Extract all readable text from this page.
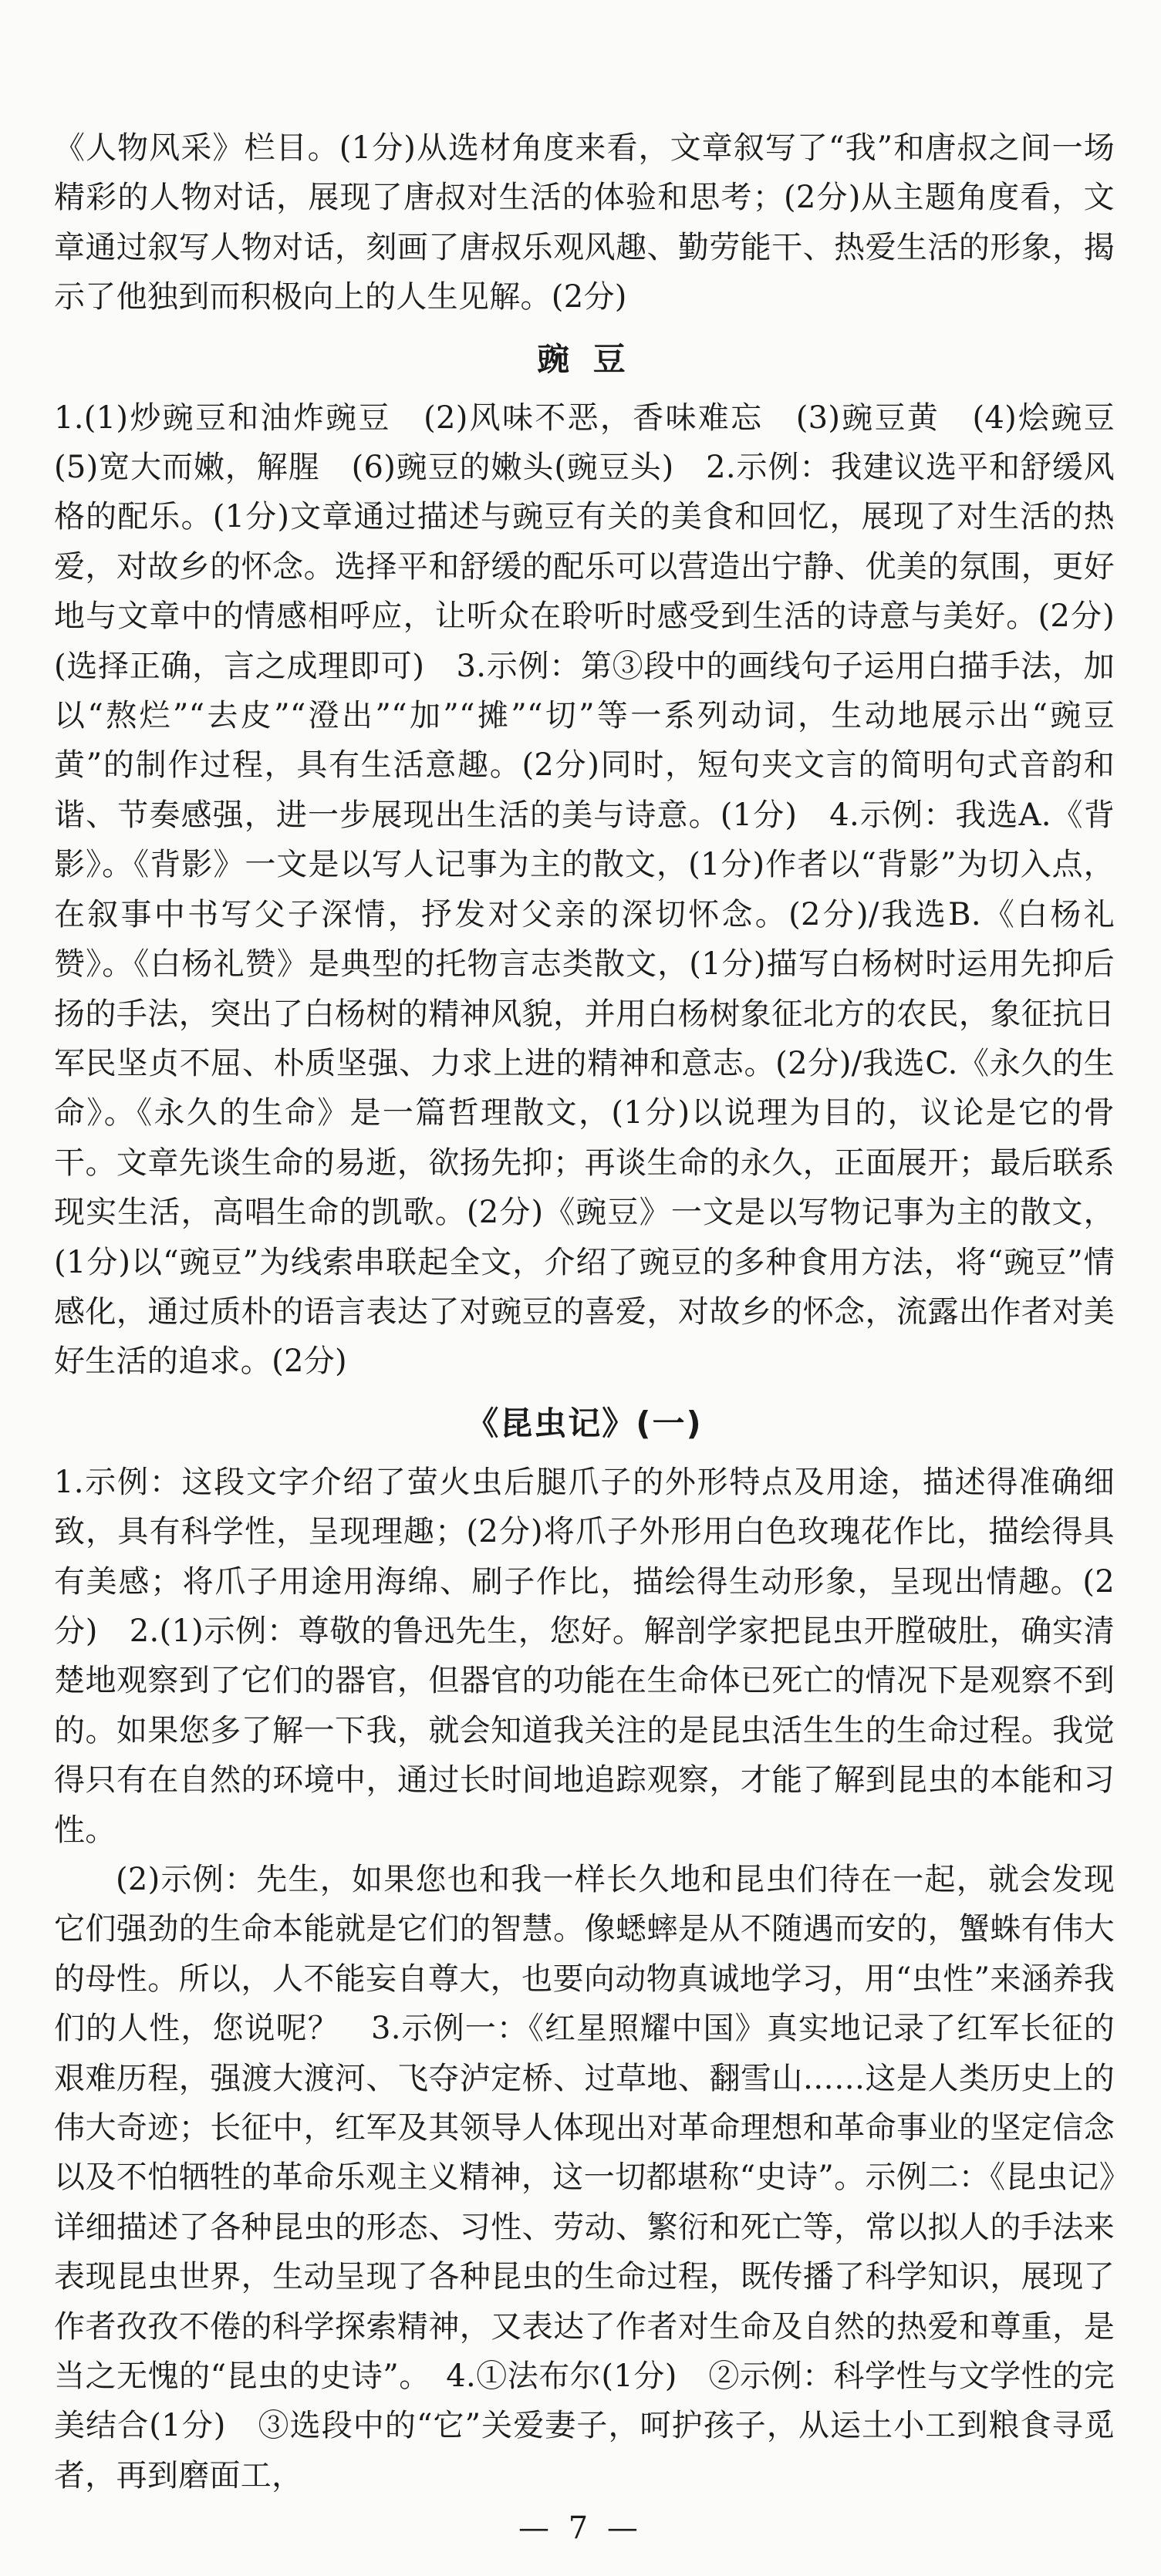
《人物风采》栏目。(1分)从选材角度来看，文章叙写了“我”和唐叔之间一场精彩的人物对话，展现了唐叔对生活的体验和思考；(2分)从主题角度看，文章通过叙写人物对话，刻画了唐叔乐观风趣、勤劳能干、热爱生活的形象，揭示了他独到而积极向上的人生见解。(2分)

豌 豆

1.(1)炒豌豆和油炸豌豆　(2)风味不恶，香味难忘　(3)豌豆黄　(4)烩豌豆　(5)宽大而嫩，解腥　(6)豌豆的嫩头(豌豆头)　2.示例：我建议选平和舒缓风格的配乐。(1分)文章通过描述与豌豆有关的美食和回忆，展现了对生活的热爱，对故乡的怀念。选择平和舒缓的配乐可以营造出宁静、优美的氛围，更好地与文章中的情感相呼应，让听众在聆听时感受到生活的诗意与美好。(2分)(选择正确，言之成理即可)　3.示例：第③段中的画线句子运用白描手法，加以“熬烂”“去皮”“澄出”“加”“摊”“切”等一系列动词，生动地展示出“豌豆黄”的制作过程，具有生活意趣。(2分)同时，短句夹文言的简明句式音韵和谐、节奏感强，进一步展现出生活的美与诗意。(1分)　4.示例：我选A.《背影》。《背影》一文是以写人记事为主的散文，(1分)作者以“背影”为切入点，在叙事中书写父子深情，抒发对父亲的深切怀念。(2分)/我选B.《白杨礼赞》。《白杨礼赞》是典型的托物言志类散文，(1分)描写白杨树时运用先抑后扬的手法，突出了白杨树的精神风貌，并用白杨树象征北方的农民，象征抗日军民坚贞不屈、朴质坚强、力求上进的精神和意志。(2分)/我选C.《永久的生命》。《永久的生命》是一篇哲理散文，(1分)以说理为目的，议论是它的骨干。文章先谈生命的易逝，欲扬先抑；再谈生命的永久，正面展开；最后联系现实生活，高唱生命的凯歌。(2分)《豌豆》一文是以写物记事为主的散文，(1分)以“豌豆”为线索串联起全文，介绍了豌豆的多种食用方法，将“豌豆”情感化，通过质朴的语言表达了对豌豆的喜爱，对故乡的怀念，流露出作者对美好生活的追求。(2分)

《昆虫记》(一)

1.示例：这段文字介绍了萤火虫后腿爪子的外形特点及用途，描述得准确细致，具有科学性，呈现理趣；(2分)将爪子外形用白色玫瑰花作比，描绘得具有美感；将爪子用途用海绵、刷子作比，描绘得生动形象，呈现出情趣。(2分)　2.(1)示例：尊敬的鲁迅先生，您好。解剖学家把昆虫开膛破肚，确实清楚地观察到了它们的器官，但器官的功能在生命体已死亡的情况下是观察不到的。如果您多了解一下我，就会知道我关注的是昆虫活生生的生命过程。我觉得只有在自然的环境中，通过长时间地追踪观察，才能了解到昆虫的本能和习性。

(2)示例：先生，如果您也和我一样长久地和昆虫们待在一起，就会发现它们强劲的生命本能就是它们的智慧。像蟋蟀是从不随遇而安的，蟹蛛有伟大的母性。所以，人不能妄自尊大，也要向动物真诚地学习，用“虫性”来涵养我们的人性，您说呢？　3.示例一：《红星照耀中国》真实地记录了红军长征的艰难历程，强渡大渡河、飞夺泸定桥、过草地、翻雪山……这是人类历史上的伟大奇迹；长征中，红军及其领导人体现出对革命理想和革命事业的坚定信念以及不怕牺牲的革命乐观主义精神，这一切都堪称“史诗”。示例二：《昆虫记》详细描述了各种昆虫的形态、习性、劳动、繁衍和死亡等，常以拟人的手法来表现昆虫世界，生动呈现了各种昆虫的生命过程，既传播了科学知识，展现了作者孜孜不倦的科学探索精神，又表达了作者对生命及自然的热爱和尊重，是当之无愧的“昆虫的史诗”。　4.①法布尔(1分)　②示例：科学性与文学性的完美结合(1分)　③选段中的“它”关爱妻子，呵护孩子，从运土小工到粮食寻觅者，再到磨面工，

— 7 —
